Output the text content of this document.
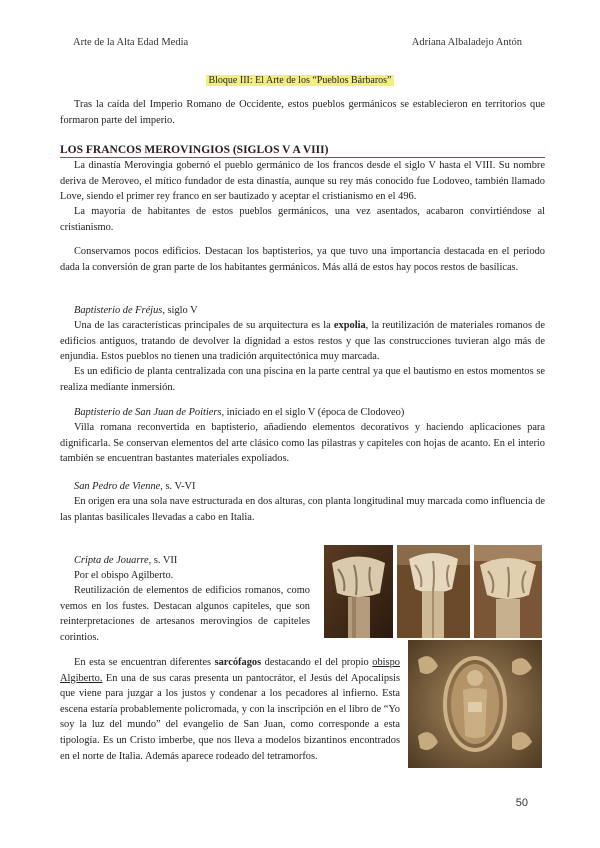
Arte de la Alta Edad Media	Adriana Albaladejo Antón
Bloque III: El Arte de los “Pueblos Bárbaros”

Tras la caída del Imperio Romano de Occidente, estos pueblos germánicos se establecieron en territorios que formaron parte del imperio.

LOS FRANCOS MEROVINGIOS (SIGLOS V A VIII)

La dinastía Merovingia gobernó el pueblo germánico de los francos desde el siglo V hasta el VIII. Su nombre deriva de Meroveo, el mítico fundador de esta dinastía, aunque su rey más conocido fue Lodoveo, también llamado Love, siendo el primer rey franco en ser bautizado y aceptar el cristianismo en el 496.

La mayoría de habitantes de estos pueblos germánicos, una vez asentados, acabaron convirtiéndose al cristianismo.

Conservamos pocos edificios. Destacan los baptisterios, ya que tuvo una importancia destacada en el periodo dada la conversión de gran parte de los habitantes germánicos. Más allá de estos hay pocos restos de basílicas.

Baptisterio de Fréjus, siglo V

Una de las características principales de su arquitectura es la expolia, la reutilización de materiales romanos de edificios antiguos, tratando de devolver la dignidad a estos restos y que las construcciones tuvieran algo más de enjundia. Estos pueblos no tienen una tradición arquitectónica muy marcada.

Es un edificio de planta centralizada con una piscina en la parte central ya que el bautismo en estos momentos se realiza mediante inmersión.

Baptisterio de San Juan de Poitiers, iniciado en el siglo V (época de Clodoveo)

Villa romana reconvertida en baptisterio, añadiendo elementos decorativos y haciendo aplicaciones para dignificarla. Se conservan elementos del arte clásico como las pilastras y capiteles con hojas de acanto. En el interio también se encuentran bastantes materiales expoliados.

San Pedro de Vienne, s. V-VI

En origen era una sola nave estructurada en dos alturas, con planta longitudinal muy marcada como influencia de las plantas basilicales llevadas a cabo en Italia.

Cripta de Jouarre, s. VII

Por el obispo Agilberto.

Reutilización de elementos de edificios romanos, como vemos en los fustes. Destacan algunos capiteles, que son reinterpretaciones de artesanos merovingios de capiteles corintios.

En esta se encuentran diferentes sarcófagos destacando el del propio obispo Algiberto. En una de sus caras presenta un pantocrátor, el Jesús del Apocalipsis que viene para juzgar a los justos y condenar a los pecadores al infierno. Esta escena estaría probablemente policromada, y con la inscripción en el libro de “Yo soy la luz del mundo” del evangelio de San Juan, como corresponde a esta tipología. Es un Cristo imberbe, que nos lleva a modelos bizantinos encontrados en el norte de Italia. Además aparece rodeado del tetramorfos.

50
